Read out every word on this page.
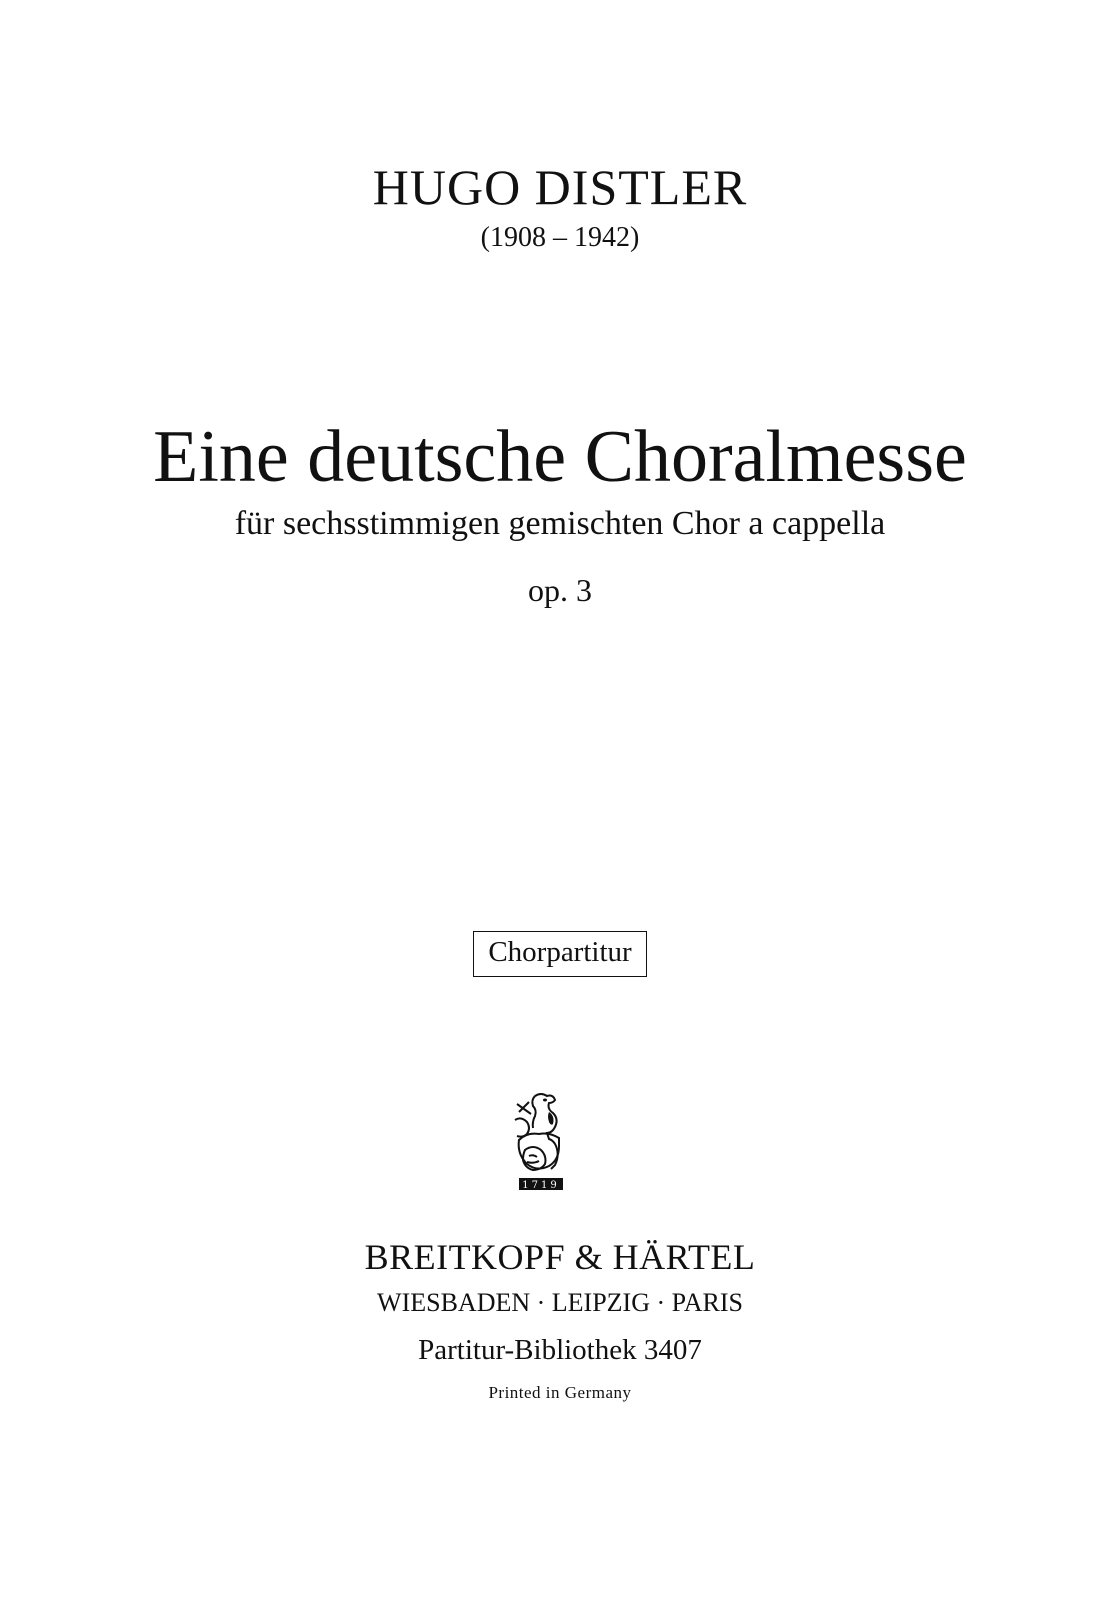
HUGO DISTLER
(1908 – 1942)
Eine deutsche Choralmesse
für sechsstimmigen gemischten Chor a cappella
op. 3
Chorpartitur
1719
BREITKOPF & HÄRTEL
WIESBADEN · LEIPZIG · PARIS
Partitur-Bibliothek 3407
Printed in Germany
